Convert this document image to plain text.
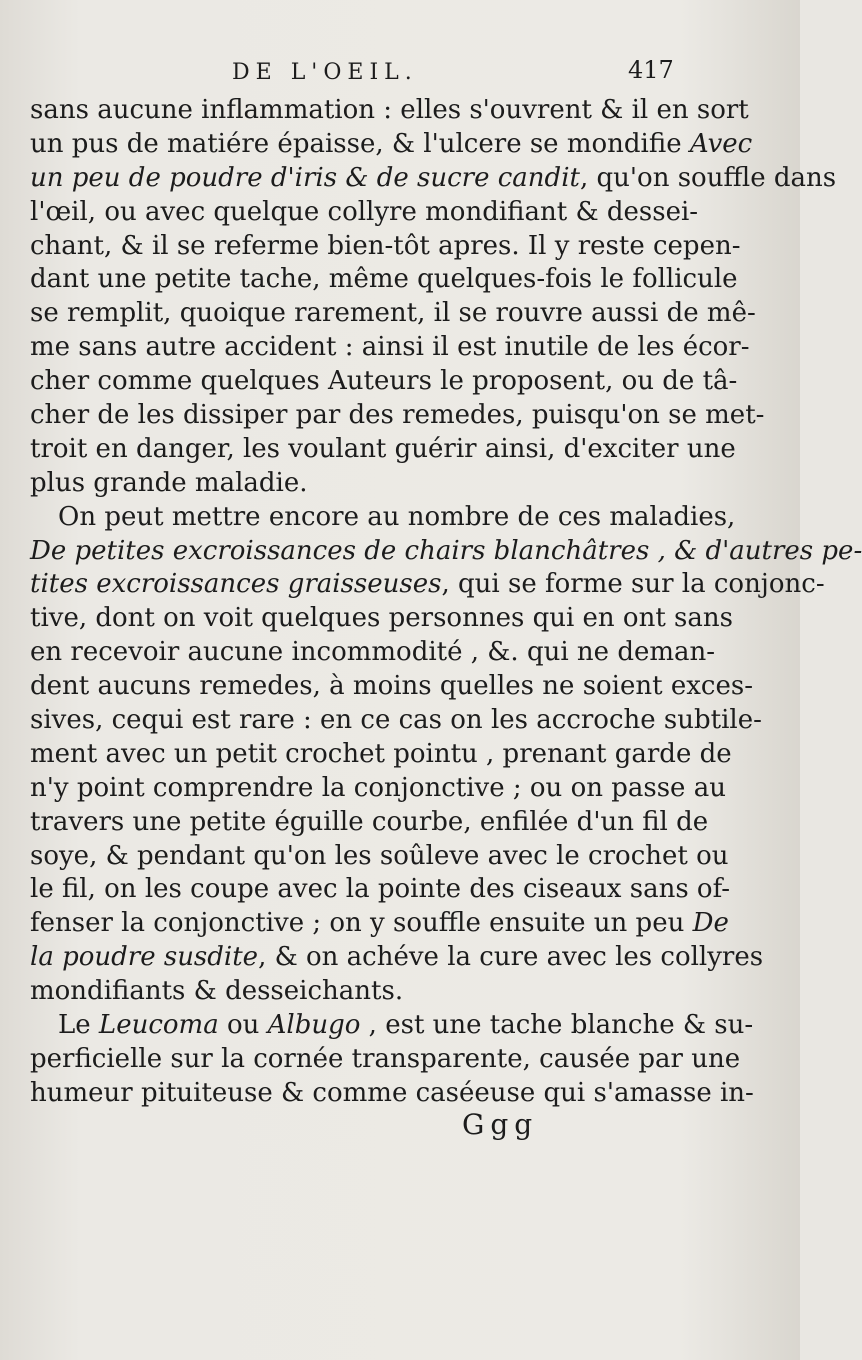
DE L'OEIL.	417
sans aucune inflammation : elles s'ouvrent & il en sort
un pus de matiére épaisse, & l'ulcere se mondifie Avec
un peu de poudre d'iris & de sucre candit, qu'on souffle dans
l'œil, ou avec quelque collyre mondifiant & dessei-
chant, & il se referme bien-tôt apres. Il y reste cepen-
dant une petite tache, même quelques-fois le follicule
se remplit, quoique rarement, il se rouvre aussi de mê-
me sans autre accident : ainsi il est inutile de les écor-
cher comme quelques Auteurs le proposent, ou de tâ-
cher de les dissiper par des remedes, puisqu'on se met-
troit en danger, les voulant guérir ainsi, d'exciter une
plus grande maladie.
On peut mettre encore au nombre de ces maladies,
De petites excroissances de chairs blanchâtres , & d'autres pe-
tites excroissances graisseuses, qui se forme sur la conjonc-
tive, dont on voit quelques personnes qui en ont sans
en recevoir aucune incommodité , &. qui ne deman-
dent aucuns remedes, à moins quelles ne soient exces-
sives, cequi est rare : en ce cas on les accroche subtile-
ment avec un petit crochet pointu , prenant garde de
n'y point comprendre la conjonctive ; ou on passe au
travers une petite éguille courbe, enfilée d'un fil de
soye, & pendant qu'on les soûleve avec le crochet ou
le fil, on les coupe avec la pointe des ciseaux sans of-
fenser la conjonctive ; on y souffle ensuite un peu De
la poudre susdite, & on achéve la cure avec les collyres
mondifiants & desseichants.
Le Leucoma ou Albugo , est une tache blanche & su-
perficielle sur la cornée transparente, causée par une
humeur pituiteuse & comme caséeuse qui s'amasse in-
Ggg
